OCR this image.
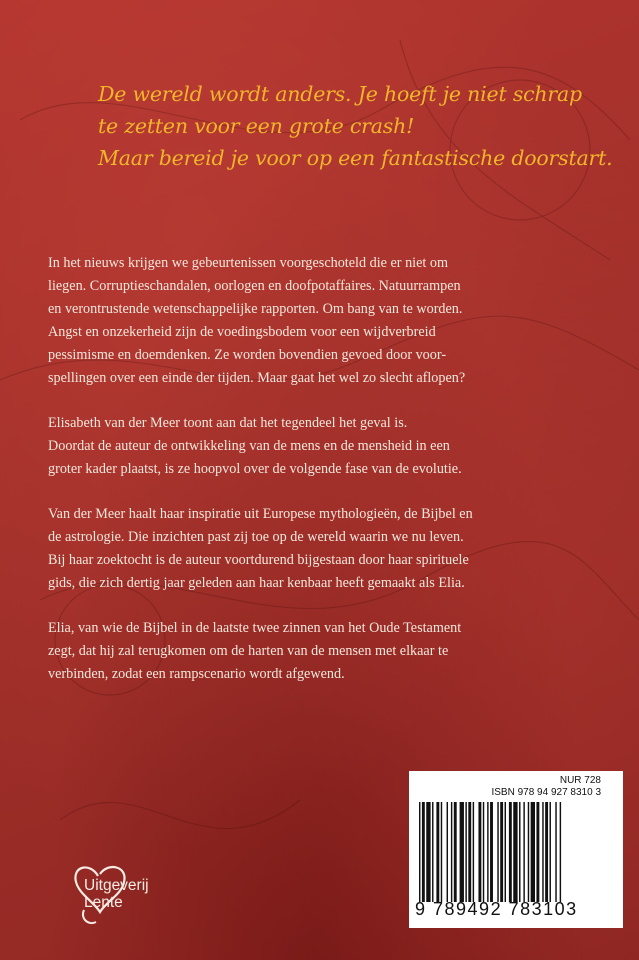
De wereld wordt anders. Je hoeft je niet schrap
te zetten voor een grote crash!
Maar bereid je voor op een fantastische doorstart.
In het nieuws krijgen we gebeurtenissen voorgeschoteld die er niet om
liegen. Corruptieschandalen, oorlogen en doofpotaffaires. Natuurrampen
en verontrustende wetenschappelijke rapporten. Om bang van te worden.
Angst en onzekerheid zijn de voedingsbodem voor een wijdverbreid
pessimisme en doemdenken. Ze worden bovendien gevoed door voor-
spellingen over een einde der tijden. Maar gaat het wel zo slecht aflopen?
Elisabeth van der Meer toont aan dat het tegendeel het geval is.
Doordat de auteur de ontwikkeling van de mens en de mensheid in een
groter kader plaatst, is ze hoopvol over de volgende fase van de evolutie.
Van der Meer haalt haar inspiratie uit Europese mythologieën, de Bijbel en
de astrologie. Die inzichten past zij toe op de wereld waarin we nu leven.
Bij haar zoektocht is de auteur voortdurend bijgestaan door haar spirituele
gids, die zich dertig jaar geleden aan haar kenbaar heeft gemaakt als Elia.
Elia, van wie de Bijbel in de laatste twee zinnen van het Oude Testament
zegt, dat hij zal terugkomen om de harten van de mensen met elkaar te
verbinden, zodat een rampscenario wordt afgewend.
Uitgeverij
Lente
NUR 728
ISBN 978 94 927 8310 3
9 789492 783103
